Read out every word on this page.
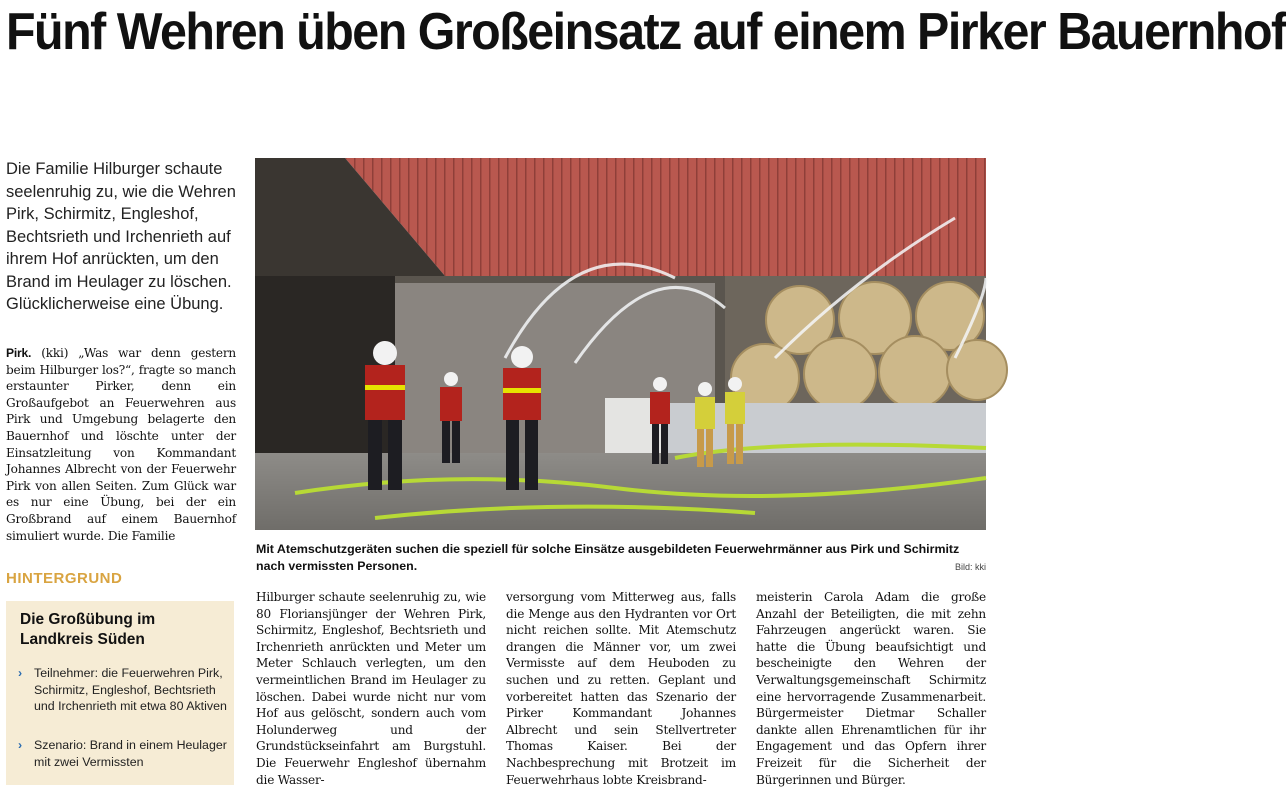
Fünf Wehren üben Großeinsatz auf einem Pirker Bauernhof
Die Familie Hilburger schaute seelenruhig zu, wie die Wehren Pirk, Schirmitz, Engleshof, Bechtsrieth und Irchenrieth auf ihrem Hof anrückten, um den Brand im Heulager zu löschen. Glücklicherweise eine Übung.
Pirk. (kki) „Was war denn gestern beim Hilburger los?“, fragte so manch erstaunter Pirker, denn ein Großaufgebot an Feuerwehren aus Pirk und Umgebung belagerte den Bauernhof und löschte unter der Einsatzleitung von Kommandant Johannes Albrecht von der Feuerwehr Pirk von allen Seiten. Zum Glück war es nur eine Übung, bei der ein Großbrand auf einem Bauernhof simuliert wurde. Die Familie
HINTERGRUND
Die Großübung im Landkreis Süden
› Teilnehmer: die Feuerwehren Pirk, Schirmitz, Engleshof, Bechtsrieth und Irchenrieth mit etwa 80 Aktiven
› Szenario: Brand in einem Heulager mit zwei Vermissten
Mit Atemschutzgeräten suchen die speziell für solche Einsätze ausgebildeten Feuerwehrmänner aus Pirk und Schirmitz nach vermissten Personen.	Bild: kki
Hilburger schaute seelenruhig zu, wie 80 Floriansjünger der Wehren Pirk, Schirmitz, Engleshof, Bechtsrieth und Irchenrieth anrückten und Meter um Meter Schlauch verlegten, um den vermeintlichen Brand im Heulager zu löschen. Dabei wurde nicht nur vom Hof aus gelöscht, sondern auch vom Holunderweg und der Grundstückseinfahrt am Burgstuhl. Die Feuerwehr Engleshof übernahm die Wasser-
versorgung vom Mitterweg aus, falls die Menge aus den Hydranten vor Ort nicht reichen sollte. Mit Atemschutz drangen die Männer vor, um zwei Vermisste auf dem Heuboden zu suchen und zu retten. Geplant und vorbereitet hatten das Szenario der Pirker Kommandant Johannes Albrecht und sein Stellvertreter Thomas Kaiser. Bei der Nachbesprechung mit Brotzeit im Feuerwehrhaus lobte Kreisbrand-
meisterin Carola Adam die große Anzahl der Beteiligten, die mit zehn Fahrzeugen angerückt waren. Sie hatte die Übung beaufsichtigt und bescheinigte den Wehren der Verwaltungsgemeinschaft Schirmitz eine hervorragende Zusammenarbeit. Bürgermeister Dietmar Schaller dankte allen Ehrenamtlichen für ihr Engagement und das Opfern ihrer Freizeit für die Sicherheit der Bürgerinnen und Bürger.
